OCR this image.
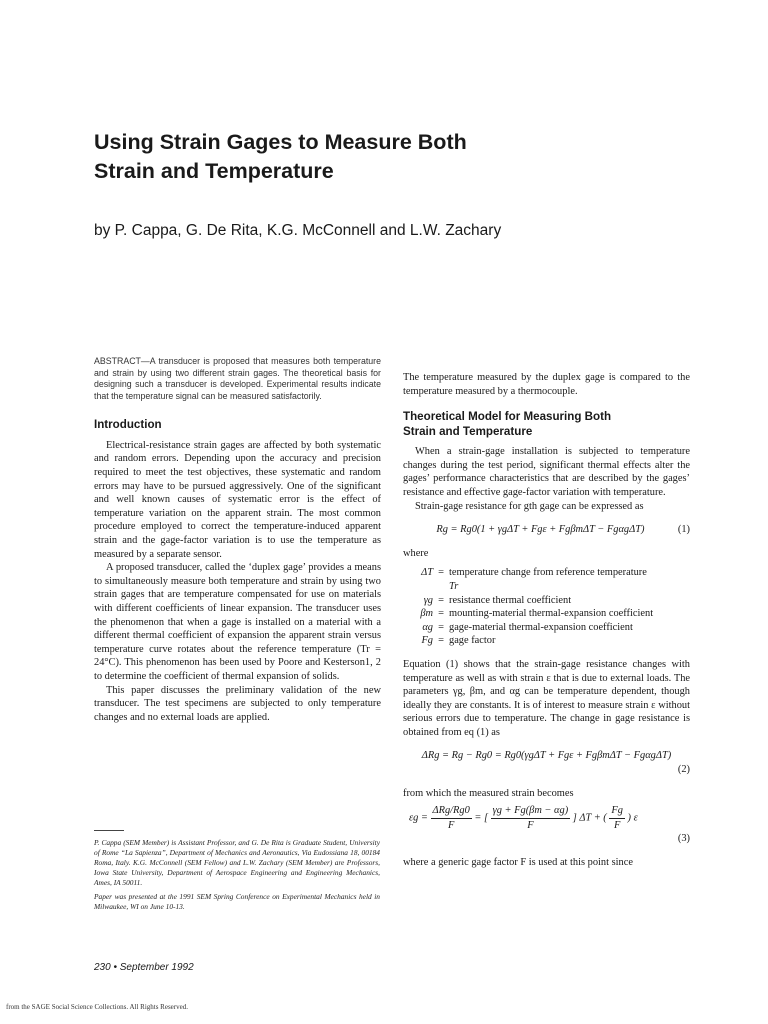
Using Strain Gages to Measure Both
Strain and Temperature
by P. Cappa, G. De Rita, K.G. McConnell and L.W. Zachary

ABSTRACT—A transducer is proposed that measures both temperature and strain by using two different strain gages. The theoretical basis for designing such a transducer is developed. Experimental results indicate that the temperature signal can be measured satisfactorily.

Introduction

Electrical-resistance strain gages are affected by both systematic and random errors. Depending upon the accuracy and precision required to meet the test objectives, these systematic and random errors may have to be pursued aggressively. One of the significant and well known causes of systematic error is the effect of temperature variation on the apparent strain. The most common procedure employed to correct the temperature-induced apparent strain and the gage-factor variation is to use the temperature as measured by a separate sensor.

A proposed transducer, called the ‘duplex gage’ provides a means to simultaneously measure both temperature and strain by using two strain gages that are temperature compensated for use on materials with different coefficients of linear expansion. The transducer uses the phenomenon that when a gage is installed on a material with a different thermal coefficient of expansion the apparent strain versus temperature curve rotates about the reference temperature (Tr = 24°C). This phenomenon has been used by Poore and Kesterson1, 2 to determine the coefficient of thermal expansion of solids.

This paper discusses the preliminary validation of the new transducer. The test specimens are subjected to only temperature changes and no external loads are applied.

The temperature measured by the duplex gage is compared to the temperature measured by a thermocouple.

Theoretical Model for Measuring Both
Strain and Temperature

When a strain-gage installation is subjected to temperature changes during the test period, significant thermal effects alter the gages’ performance characteristics that are described by the gages’ resistance and effective gage-factor variation with temperature.

Strain-gage resistance for gth gage can be expressed as

Rg = Rg0(1 + γgΔT + Fgε + FgβmΔT − FgαgΔT)	(1)

where

ΔT = temperature change from reference temperature
Tr
γg = resistance thermal coefficient
βm = mounting-material thermal-expansion coefficient
αg = gage-material thermal-expansion coefficient
Fg = gage factor

Equation (1) shows that the strain-gage resistance changes with temperature as well as with strain ε that is due to external loads. The parameters γg, βm, and αg can be temperature dependent, though ideally they are constants. It is of interest to measure strain ε without serious errors due to temperature. The change in gage resistance is obtained from eq (1) as

ΔRg = Rg − Rg0 = Rg0(γgΔT + Fgε + FgβmΔT − FgαgΔT)
(2)

from which the measured strain becomes

$\varepsilon g = \frac{\text{ΔRg/Rg0}}{F}$ = [ $\frac{\gamma g + Fg(\beta m - \alpha g)}{F}$ ] ΔT + ( $\frac{Fg}{F}$ ) ε
(3)

where a generic gage factor F is used at this point since

P. Cappa (SEM Member) is Assistant Professor, and G. De Rita is Graduate Student, University of Rome “La Sapienza”, Department of Mechanics and Aeronautics, Via Eudossiana 18, 00184 Roma, Italy. K.G. McConnell (SEM Fellow) and L.W. Zachary (SEM Member) are Professors, Iowa State University, Department of Aerospace Engineering and Engineering Mechanics, Ames, IA 50011.

Paper was presented at the 1991 SEM Spring Conference on Experimental Mechanics held in Milwaukee, WI on June 10-13.

230 • September 1992
from the SAGE Social Science Collections. All Rights Reserved.
